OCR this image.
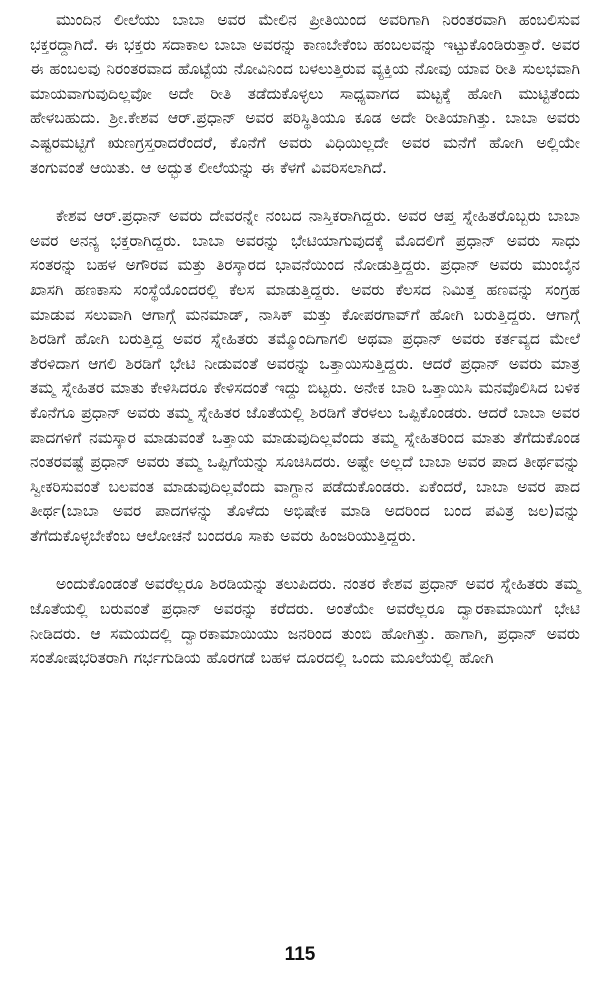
ಮುಂದಿನ ಲೀಲೆಯು ಬಾಬಾ ಅವರ ಮೇಲಿನ ಪ್ರೀತಿಯಿಂದ ಅವರಿಗಾಗಿ ನಿರಂತರವಾಗಿ ಹಂಬಲಿಸುವ ಭಕ್ತರದ್ದಾಗಿದೆ. ಈ ಭಕ್ತರು ಸದಾಕಾಲ ಬಾಬಾ ಅವರನ್ನು ಕಾಣಬೇಕೆಂಬ ಹಂಬಲವನ್ನು ಇಟ್ಟುಕೊಂಡಿರುತ್ತಾರೆ. ಅವರ ಈ ಹಂಬಲವು ನಿರಂತರವಾದ ಹೊಟ್ಟೆಯ ನೋವಿನಿಂದ ಬಳಲುತ್ತಿರುವ ವ್ಯಕ್ತಿಯ ನೋವು ಯಾವ ರೀತಿ ಸುಲಭವಾಗಿ ಮಾಯವಾಗುವುದಿಲ್ಲವೋ ಅದೇ ರೀತಿ ತಡೆದುಕೊಳ್ಳಲು ಸಾಧ್ಯವಾಗದ ಮಟ್ಟಕ್ಕೆ ಹೋಗಿ ಮುಟ್ಟಿತೆಂದು ಹೇಳಬಹುದು. ಶ್ರೀ.ಕೇಶವ ಆರ್.ಪ್ರಧಾನ್ ಅವರ ಪರಿಸ್ಥಿತಿಯೂ ಕೂಡ ಅದೇ ರೀತಿಯಾಗಿತ್ತು. ಬಾಬಾ ಅವರು ಎಷ್ಟರಮಟ್ಟಿಗೆ ಋಣಗ್ರಸ್ತರಾದರೆಂದರೆ, ಕೊನೆಗೆ ಅವರು ವಿಧಿಯಿಲ್ಲದೇ ಅವರ ಮನೆಗೆ ಹೋಗಿ ಅಲ್ಲಿಯೇ ತಂಗುವಂತೆ ಆಯಿತು. ಆ ಅದ್ಭುತ ಲೀಲೆಯನ್ನು ಈ ಕೆಳಗೆ ವಿವರಿಸಲಾಗಿದೆ.

ಕೇಶವ ಆರ್.ಪ್ರಧಾನ್ ಅವರು ದೇವರನ್ನೇ ನಂಬದ ನಾಸ್ತಿಕರಾಗಿದ್ದರು. ಅವರ ಆಪ್ತ ಸ್ನೇಹಿತರೊಬ್ಬರು ಬಾಬಾ ಅವರ ಅನನ್ಯ ಭಕ್ತರಾಗಿದ್ದರು. ಬಾಬಾ ಅವರನ್ನು ಭೇಟಿಯಾಗುವುದಕ್ಕೆ ಮೊದಲಿಗೆ ಪ್ರಧಾನ್ ಅವರು ಸಾಧು ಸಂತರನ್ನು ಬಹಳ ಅಗೌರವ ಮತ್ತು ತಿರಸ್ಕಾರದ ಭಾವನೆಯಿಂದ ನೋಡುತ್ತಿದ್ದರು. ಪ್ರಧಾನ್ ಅವರು ಮುಂಬೈನ ಖಾಸಗಿ ಹಣಕಾಸು ಸಂಸ್ಥೆಯೊಂದರಲ್ಲಿ ಕೆಲಸ ಮಾಡುತ್ತಿದ್ದರು. ಅವರು ಕೆಲಸದ ನಿಮಿತ್ತ ಹಣವನ್ನು ಸಂಗ್ರಹ ಮಾಡುವ ಸಲುವಾಗಿ ಆಗಾಗ್ಗೆ ಮನಮಾಡ್, ನಾಸಿಕ್ ಮತ್ತು ಕೋಪರಗಾವ್‌ಗೆ ಹೋಗಿ ಬರುತ್ತಿದ್ದರು. ಆಗಾಗ್ಗೆ ಶಿರಡಿಗೆ ಹೋಗಿ ಬರುತ್ತಿದ್ದ ಅವರ ಸ್ನೇಹಿತರು ತಮ್ಮೊಂದಿಗಾಗಲಿ ಅಥವಾ ಪ್ರಧಾನ್ ಅವರು ಕರ್ತವ್ಯದ ಮೇಲೆ ತೆರಳಿದಾಗ ಆಗಲಿ ಶಿರಡಿಗೆ ಭೇಟಿ ನೀಡುವಂತೆ ಅವರನ್ನು ಒತ್ತಾಯಿಸುತ್ತಿದ್ದರು. ಆದರೆ ಪ್ರಧಾನ್ ಅವರು ಮಾತ್ರ ತಮ್ಮ ಸ್ನೇಹಿತರ ಮಾತು ಕೇಳಿಸಿದರೂ ಕೇಳಿಸದಂತೆ ಇದ್ದು ಬಿಟ್ಟರು. ಅನೇಕ ಬಾರಿ ಒತ್ತಾಯಿಸಿ ಮನವೊಲಿಸಿದ ಬಳಿಕ ಕೊನೆಗೂ ಪ್ರಧಾನ್ ಅವರು ತಮ್ಮ ಸ್ನೇಹಿತರ ಜೊತೆಯಲ್ಲಿ ಶಿರಡಿಗೆ ತೆರಳಲು ಒಪ್ಪಿಕೊಂಡರು. ಆದರೆ ಬಾಬಾ ಅವರ ಪಾದಗಳಿಗೆ ನಮಸ್ಕಾರ ಮಾಡುವಂತೆ ಒತ್ತಾಯ ಮಾಡುವುದಿಲ್ಲವೆಂದು ತಮ್ಮ ಸ್ನೇಹಿತರಿಂದ ಮಾತು ತೆಗೆದುಕೊಂಡ ನಂತರವಷ್ಟೆ ಪ್ರಧಾನ್ ಅವರು ತಮ್ಮ ಒಪ್ಪಿಗೆಯನ್ನು ಸೂಚಿಸಿದರು. ಅಷ್ಟೇ ಅಲ್ಲದೆ ಬಾಬಾ ಅವರ ಪಾದ ತೀರ್ಥವನ್ನು ಸ್ವೀಕರಿಸುವಂತೆ ಬಲವಂತ ಮಾಡುವುದಿಲ್ಲವೆಂದು ವಾಗ್ದಾನ ಪಡೆದುಕೊಂಡರು. ಏಕೆಂದರೆ, ಬಾಬಾ ಅವರ ಪಾದ ತೀರ್ಥ(ಬಾಬಾ ಅವರ ಪಾದಗಳನ್ನು ತೊಳೆದು ಅಭಿಷೇಕ ಮಾಡಿ ಅದರಿಂದ ಬಂದ ಪವಿತ್ರ ಜಲ)ವನ್ನು ತೆಗೆದುಕೊಳ್ಳಬೇಕೆಂಬ ಆಲೋಚನೆ ಬಂದರೂ ಸಾಕು ಅವರು ಹಿಂಜರಿಯುತ್ತಿದ್ದರು.

ಅಂದುಕೊಂಡಂತೆ ಅವರೆಲ್ಲರೂ ಶಿರಡಿಯನ್ನು ತಲುಪಿದರು. ನಂತರ ಕೇಶವ ಪ್ರಧಾನ್ ಅವರ ಸ್ನೇಹಿತರು ತಮ್ಮ ಜೊತೆಯಲ್ಲಿ ಬರುವಂತೆ ಪ್ರಧಾನ್ ಅವರನ್ನು ಕರೆದರು. ಅಂತೆಯೇ ಅವರೆಲ್ಲರೂ ದ್ವಾರಕಾಮಾಯಿಗೆ ಭೇಟಿ ನೀಡಿದರು. ಆ ಸಮಯದಲ್ಲಿ ದ್ವಾರಕಾಮಾಯಿಯು ಜನರಿಂದ ತುಂಬಿ ಹೋಗಿತ್ತು. ಹಾಗಾಗಿ, ಪ್ರಧಾನ್ ಅವರು ಸಂತೋಷಭರಿತರಾಗಿ ಗರ್ಭಗುಡಿಯ ಹೊರಗಡೆ ಬಹಳ ದೂರದಲ್ಲಿ ಒಂದು ಮೂಲೆಯಲ್ಲಿ ಹೋಗಿ

115
